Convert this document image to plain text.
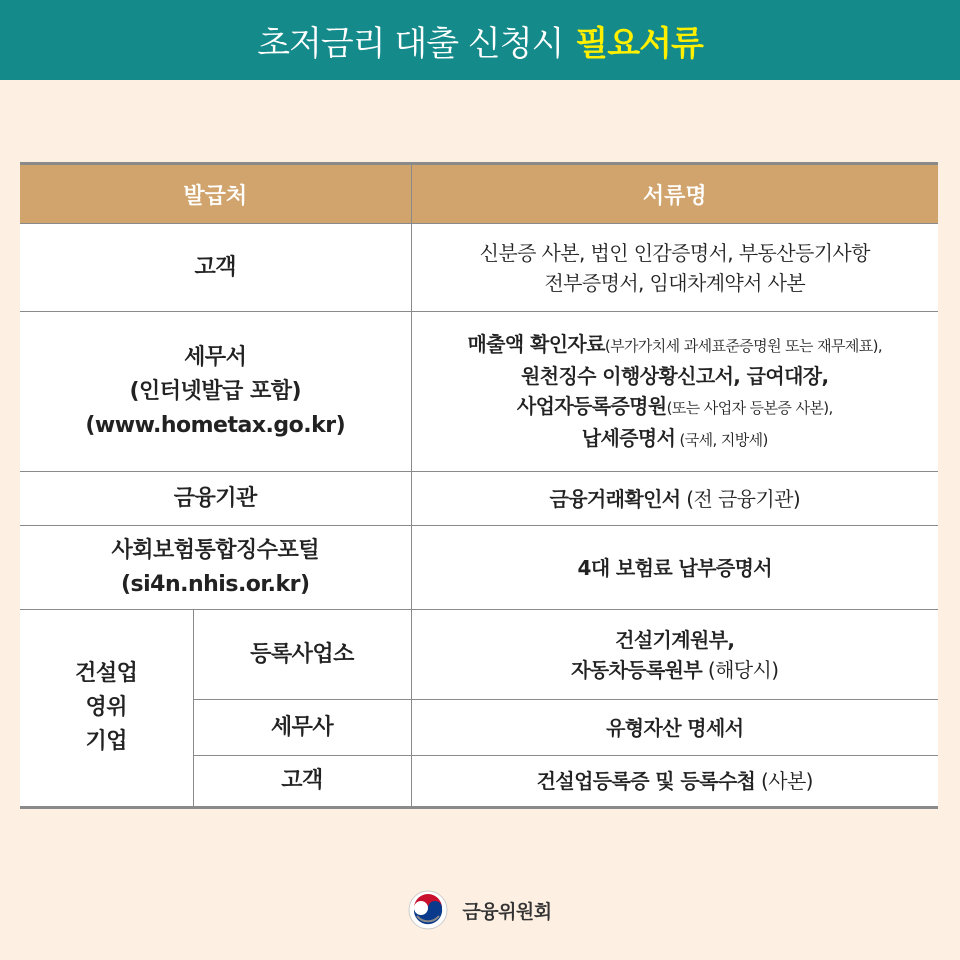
초저금리 대출 신청시 필요서류
발급처		서류명
고객		신분증 사본, 법인 인감증명서, 부동산등기사항
전부증명서, 임대차계약서 사본

세무서
(인터넷발급 포함)
(www.hometax.go.kr)		매출액 확인자료(부가가치세 과세표준증명원 또는 재무제표),
원천징수 이행상황신고서, 급여대장,
사업자등록증명원(또는 사업자 등본증 사본),
납세증명서 (국세, 지방세)

금융기관		금융거래확인서 (전 금융기관)

사회보험통합징수포털
(si4n.nhis.or.kr)		4대 보험료 납부증명서

건설업
영위
기업	등록사업소	건설기계원부,
자동차등록원부 (해당시)

	세무사	유형자산 명세서
	고객	건설업등록증 및 등록수첩 (사본)
금융위원회
